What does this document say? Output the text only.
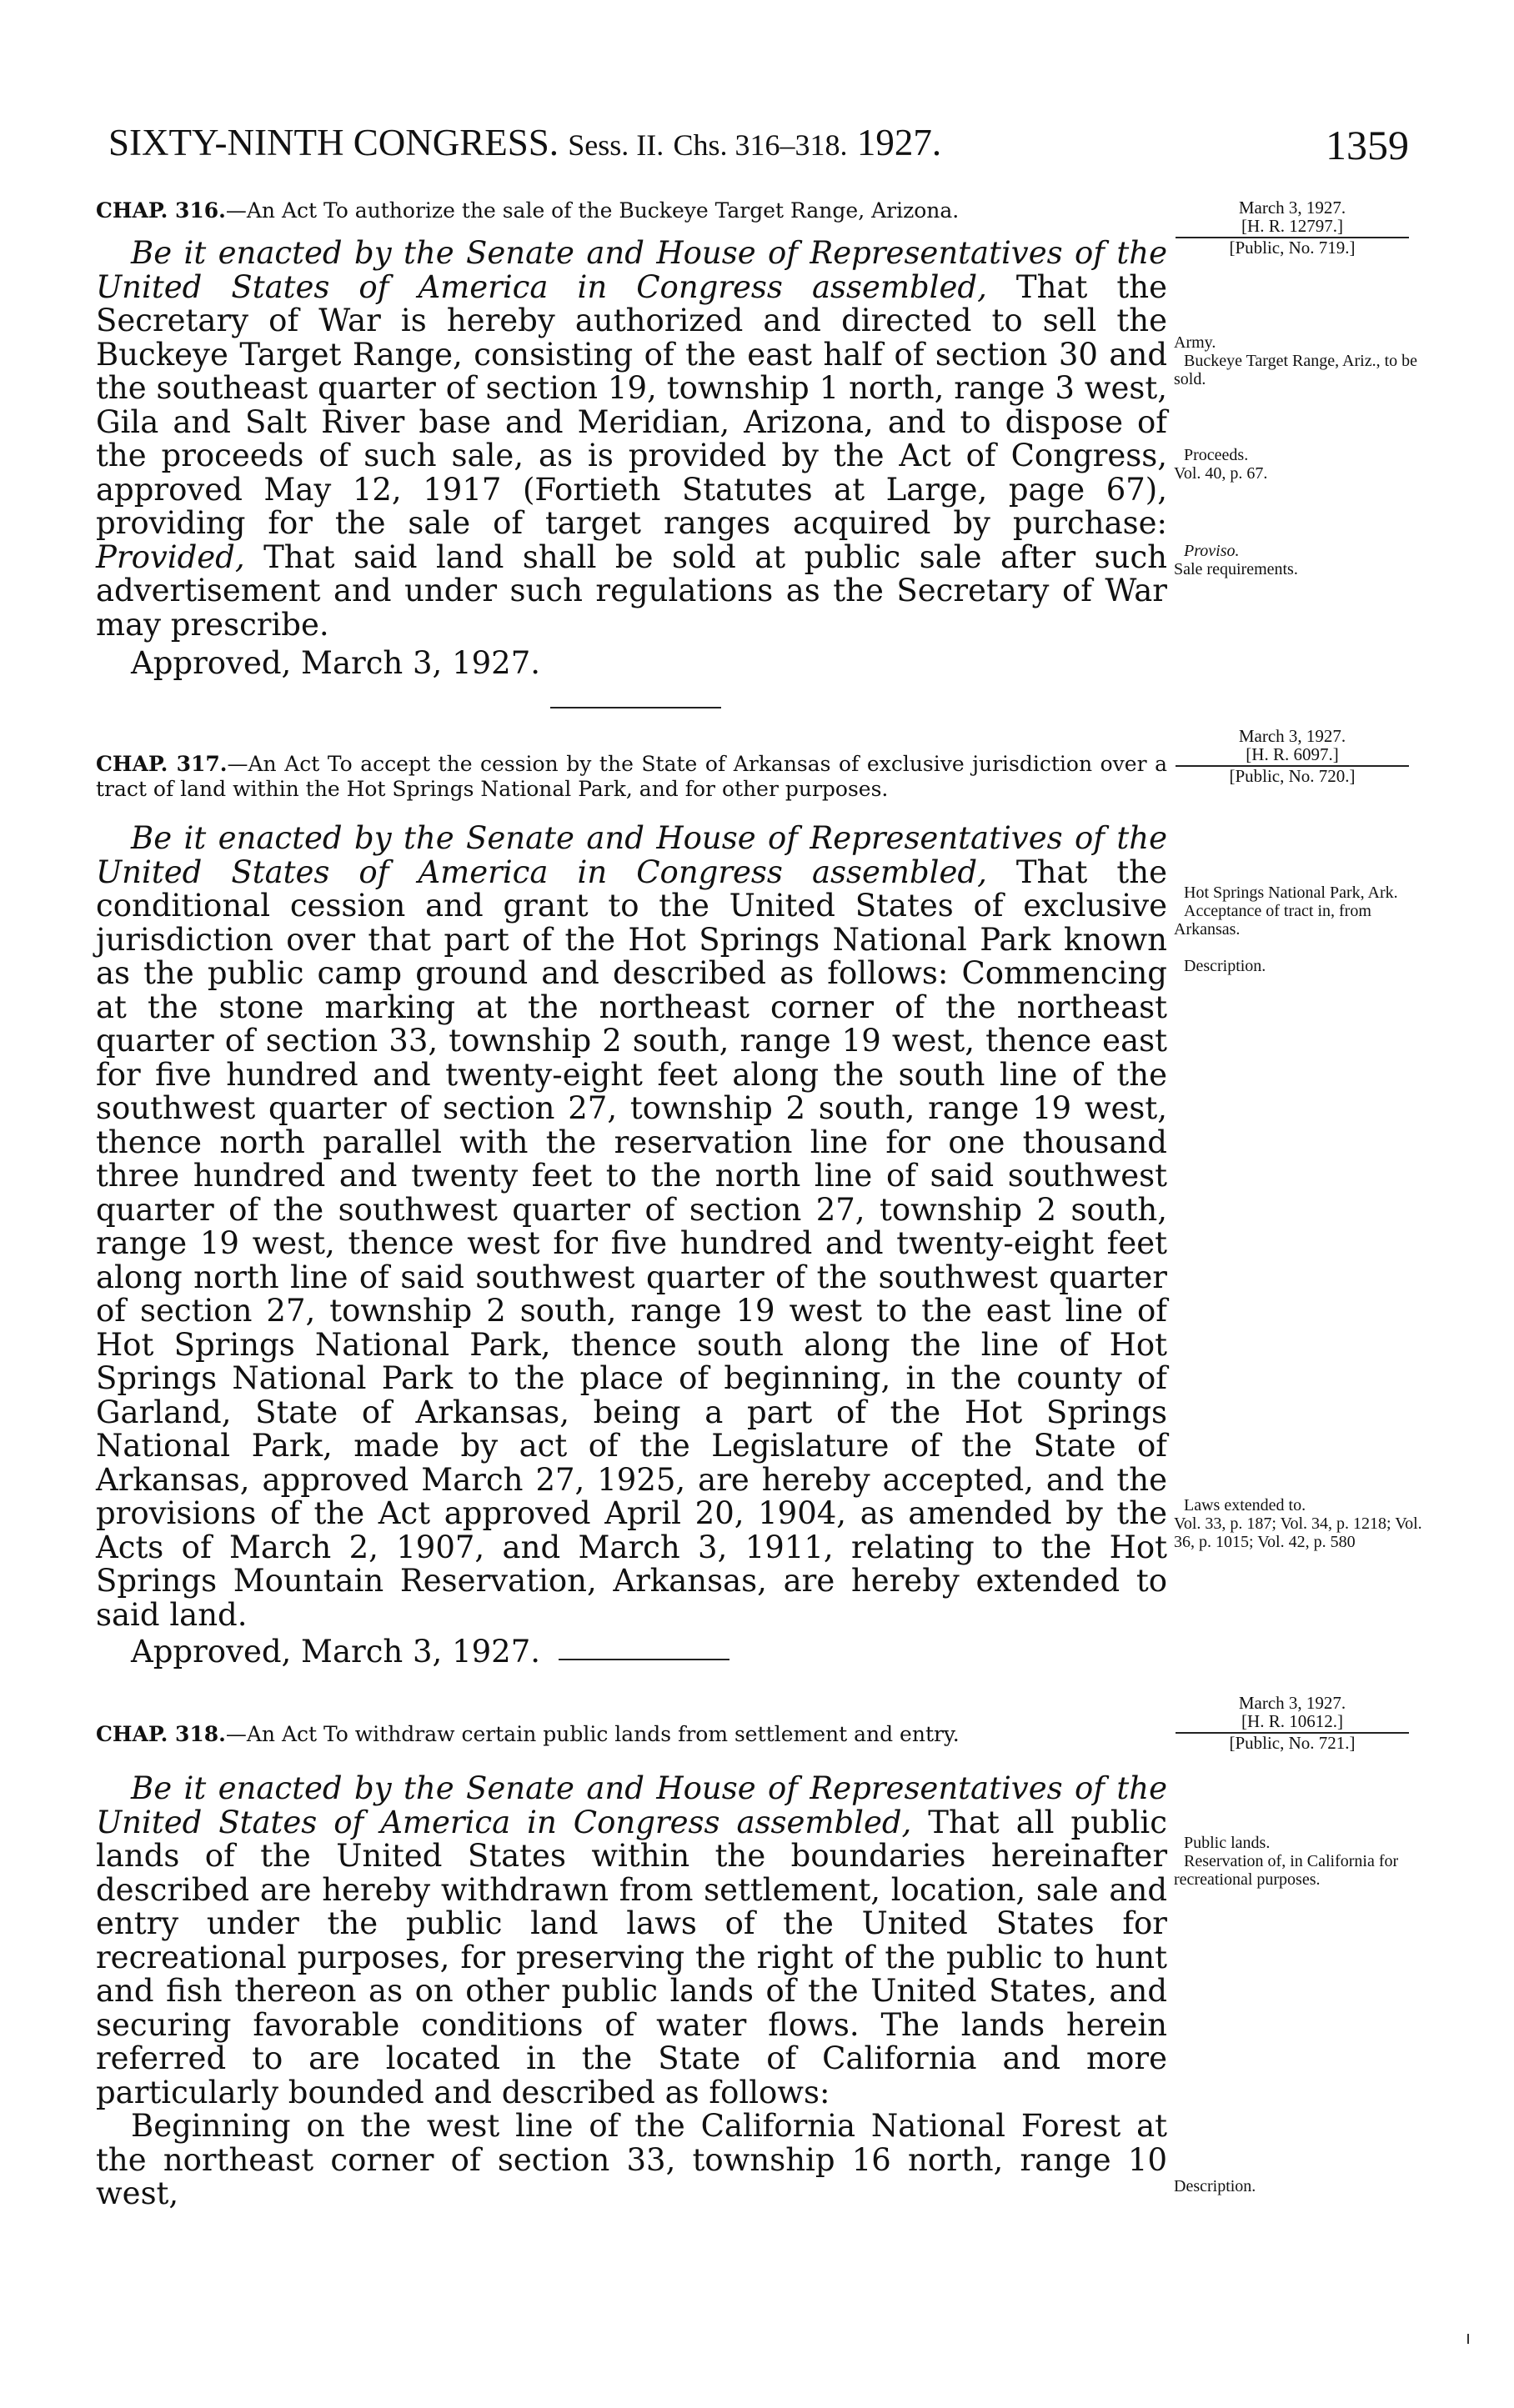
SIXTY-NINTH CONGRESS. Sess. II. Chs. 316–318. 1927.	1359
CHAP. 316.—An Act To authorize the sale of the Buckeye Target Range, Arizona.

Be it enacted by the Senate and House of Representatives of the United States of America in Congress assembled, That the Secretary of War is hereby authorized and directed to sell the Buckeye Target Range, consisting of the east half of section 30 and the southeast quarter of section 19, township 1 north, range 3 west, Gila and Salt River base and Meridian, Arizona, and to dispose of the proceeds of such sale, as is provided by the Act of Congress, approved May 12, 1917 (Fortieth Statutes at Large, page 67), providing for the sale of target ranges acquired by purchase: Provided, That said land shall be sold at public sale after such advertisement and under such regulations as the Secretary of War may prescribe.

Approved, March 3, 1927.
March 3, 1927.
[H. R. 12797.]
[Public, No. 719.]
Army.
Buckeye Target Range, Ariz., to be sold.
Proceeds.
Vol. 40, p. 67.
Proviso.
Sale requirements.
CHAP. 317.—An Act To accept the cession by the State of Arkansas of exclusive jurisdiction over a tract of land within the Hot Springs National Park, and for other purposes.

Be it enacted by the Senate and House of Representatives of the United States of America in Congress assembled, That the conditional cession and grant to the United States of exclusive jurisdiction over that part of the Hot Springs National Park known as the public camp ground and described as follows: Commencing at the stone marking at the northeast corner of the northeast quarter of section 33, township 2 south, range 19 west, thence east for five hundred and twenty-eight feet along the south line of the southwest quarter of section 27, township 2 south, range 19 west, thence north parallel with the reservation line for one thousand three hundred and twenty feet to the north line of said southwest quarter of the southwest quarter of section 27, township 2 south, range 19 west, thence west for five hundred and twenty-eight feet along north line of said southwest quarter of the southwest quarter of section 27, township 2 south, range 19 west to the east line of Hot Springs National Park, thence south along the line of Hot Springs National Park to the place of beginning, in the county of Garland, State of Arkansas, being a part of the Hot Springs National Park, made by act of the Legislature of the State of Arkansas, approved March 27, 1925, are hereby accepted, and the provisions of the Act approved April 20, 1904, as amended by the Acts of March 2, 1907, and March 3, 1911, relating to the Hot Springs Mountain Reservation, Arkansas, are hereby extended to said land.

Approved, March 3, 1927.
March 3, 1927.
[H. R. 6097.]
[Public, No. 720.]
Hot Springs National Park, Ark.
Acceptance of tract in, from Arkansas.
Description.
Laws extended to.
Vol. 33, p. 187; Vol. 34, p. 1218; Vol. 36, p. 1015; Vol. 42, p. 580
CHAP. 318.—An Act To withdraw certain public lands from settlement and entry.

Be it enacted by the Senate and House of Representatives of the United States of America in Congress assembled, That all public lands of the United States within the boundaries hereinafter described are hereby withdrawn from settlement, location, sale and entry under the public land laws of the United States for recreational purposes, for preserving the right of the public to hunt and fish thereon as on other public lands of the United States, and securing favorable conditions of water flows. The lands herein referred to are located in the State of California and more particularly bounded and described as follows:

Beginning on the west line of the California National Forest at the northeast corner of section 33, township 16 north, range 10 west,

March 3, 1927.
[H. R. 10612.]
[Public, No. 721.]
Public lands.
Reservation of, in California for recreational purposes.
Description.
